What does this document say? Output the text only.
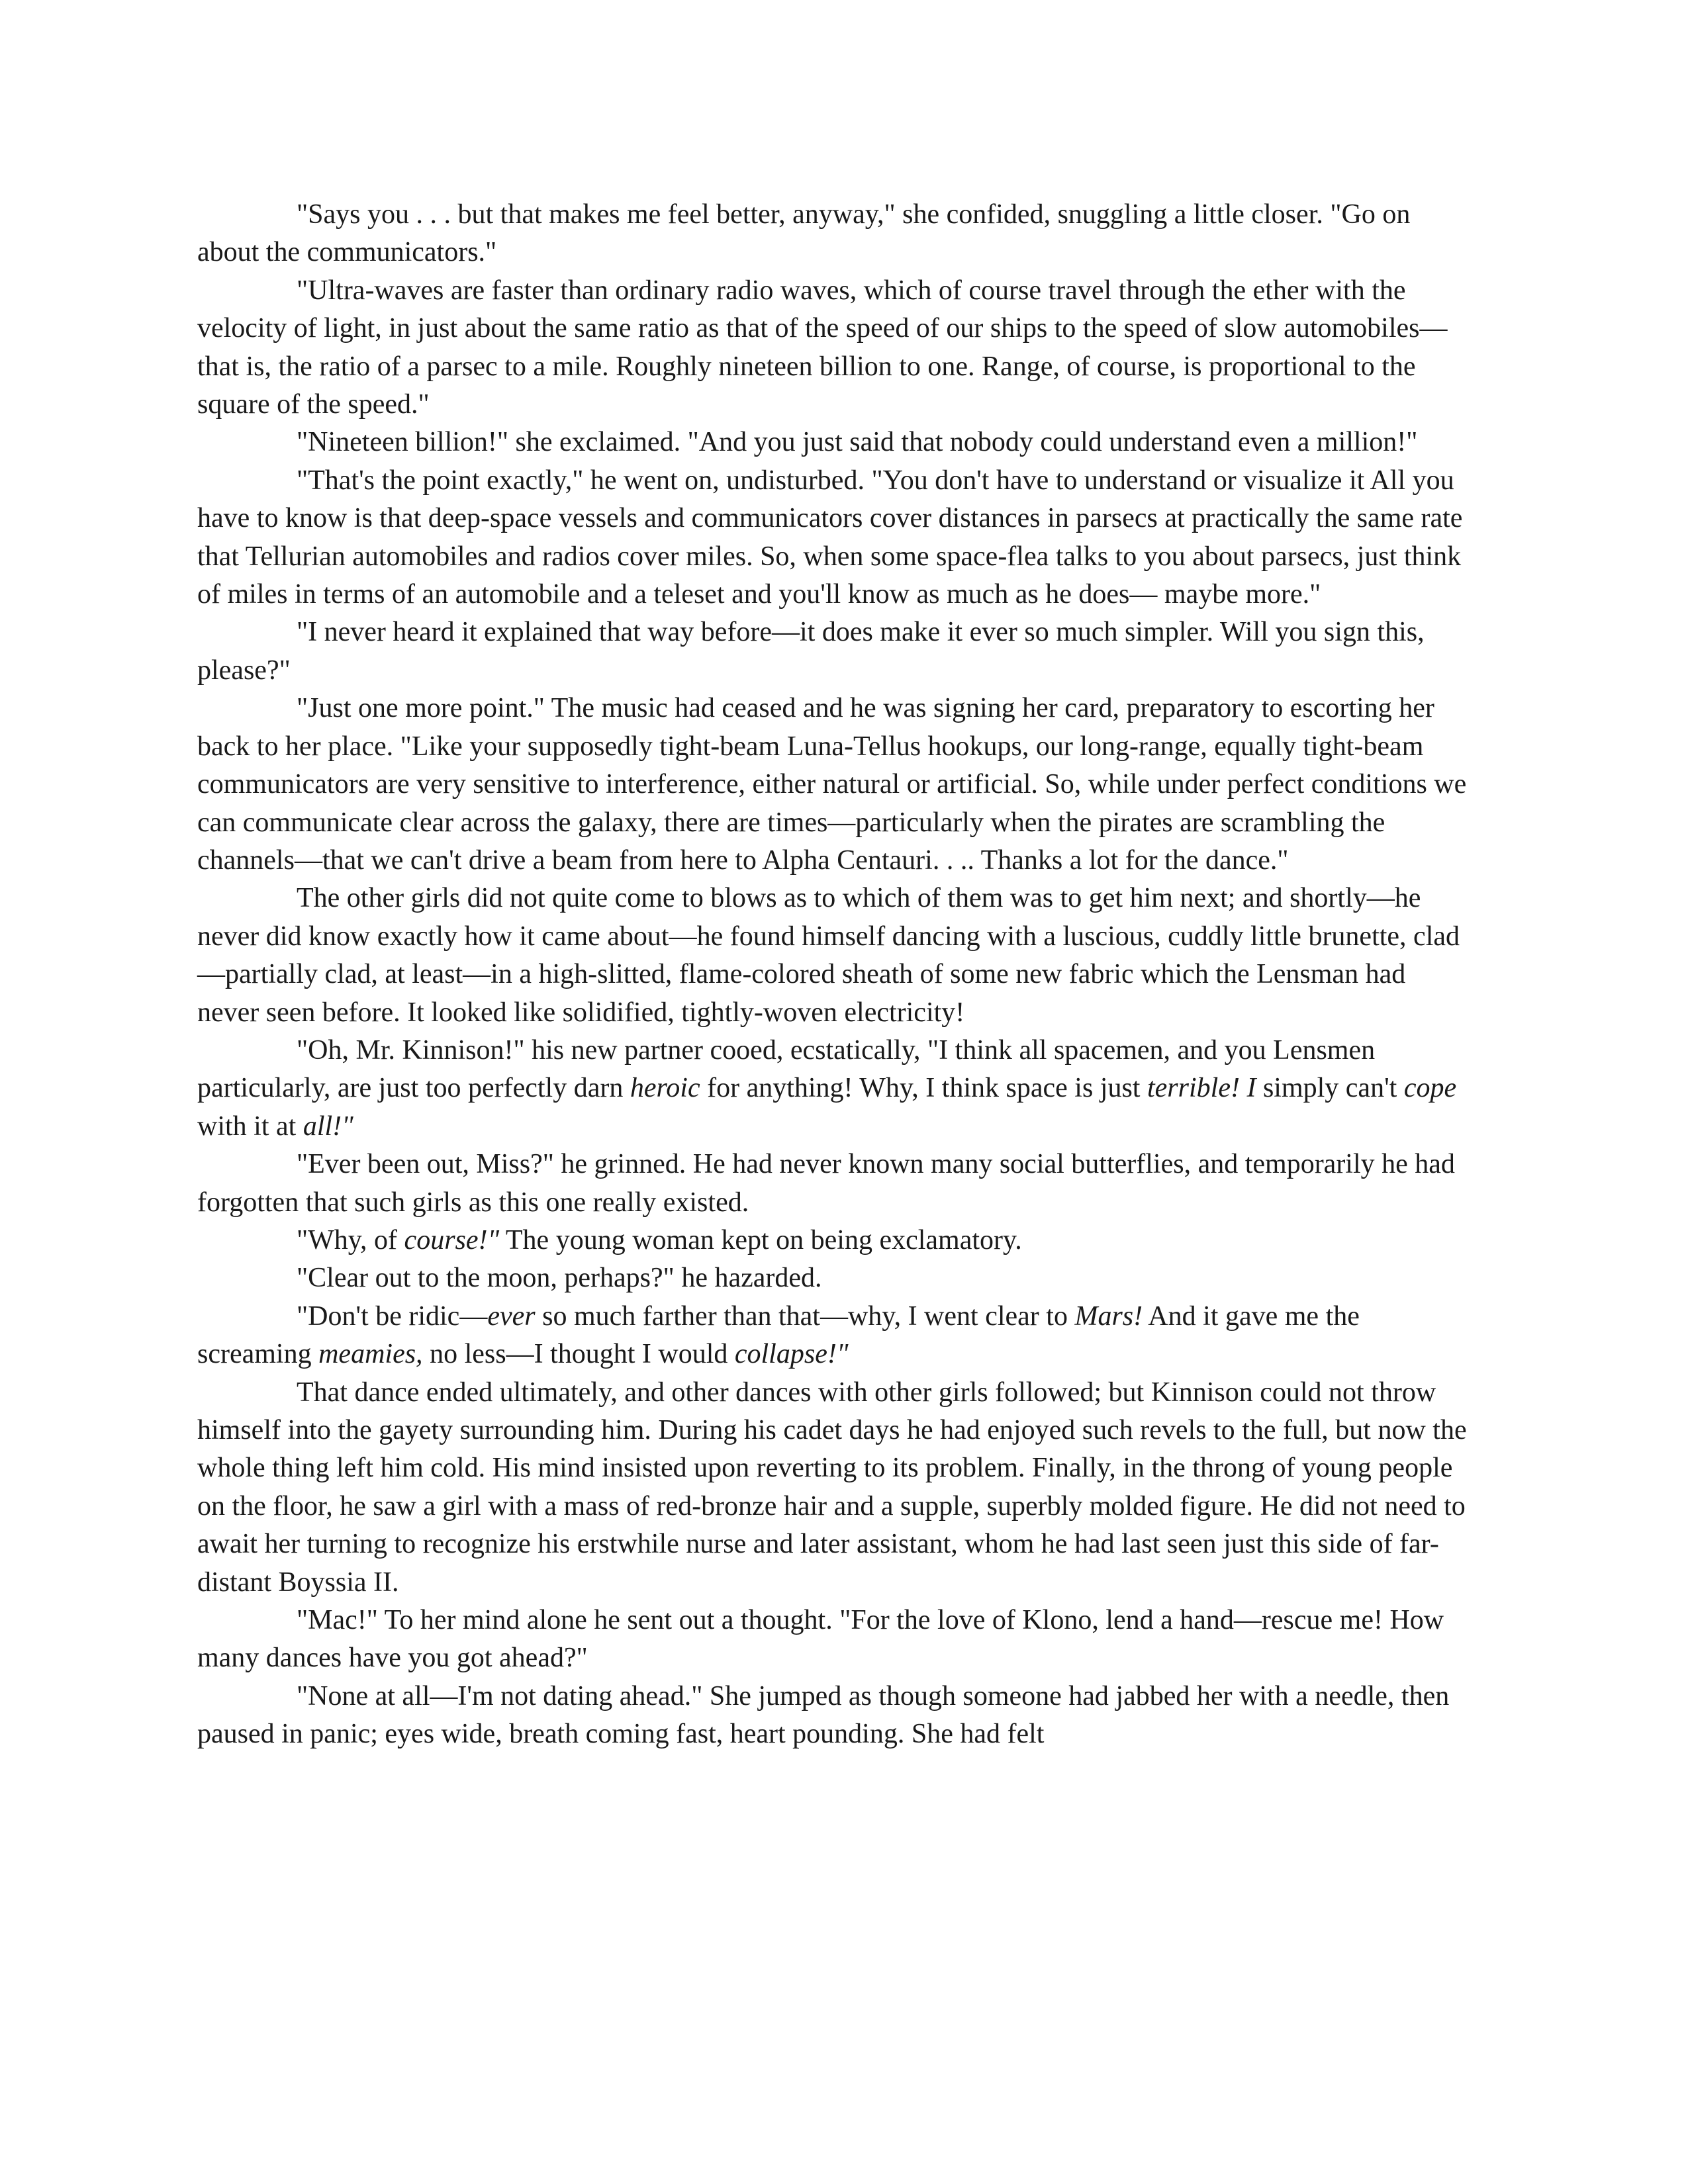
"Says you . . . but that makes me feel better, anyway," she confided, snuggling a little closer. "Go on about the communicators."

"Ultra-waves are faster than ordinary radio waves, which of course travel through the ether with the velocity of light, in just about the same ratio as that of the speed of our ships to the speed of slow automobiles—that is, the ratio of a parsec to a mile. Roughly nineteen billion to one. Range, of course, is proportional to the square of the speed."

"Nineteen billion!" she exclaimed. "And you just said that nobody could understand even a million!"

"That's the point exactly," he went on, undisturbed. "You don't have to understand or visualize it All you have to know is that deep-space vessels and communicators cover distances in parsecs at practically the same rate that Tellurian automobiles and radios cover miles. So, when some space-flea talks to you about parsecs, just think of miles in terms of an automobile and a teleset and you'll know as much as he does— maybe more."

"I never heard it explained that way before—it does make it ever so much simpler. Will you sign this, please?"

"Just one more point." The music had ceased and he was signing her card, preparatory to escorting her back to her place. "Like your supposedly tight-beam Luna-Tellus hookups, our long-range, equally tight-beam communicators are very sensitive to interference, either natural or artificial. So, while under perfect conditions we can communicate clear across the galaxy, there are times—particularly when the pirates are scrambling the channels—that we can't drive a beam from here to Alpha Centauri. . .. Thanks a lot for the dance."

The other girls did not quite come to blows as to which of them was to get him next; and shortly—he never did know exactly how it came about—he found himself dancing with a luscious, cuddly little brunette, clad—partially clad, at least—in a high-slitted, flame-colored sheath of some new fabric which the Lensman had never seen before. It looked like solidified, tightly-woven electricity!

"Oh, Mr. Kinnison!" his new partner cooed, ecstatically, "I think all spacemen, and you Lensmen particularly, are just too perfectly darn heroic for anything! Why, I think space is just terrible! I simply can't cope with it at all!"

"Ever been out, Miss?" he grinned. He had never known many social butterflies, and temporarily he had forgotten that such girls as this one really existed.

"Why, of course!" The young woman kept on being exclamatory.

"Clear out to the moon, perhaps?" he hazarded.

"Don't be ridic—ever so much farther than that—why, I went clear to Mars! And it gave me the screaming meamies, no less—I thought I would collapse!"

That dance ended ultimately, and other dances with other girls followed; but Kinnison could not throw himself into the gayety surrounding him. During his cadet days he had enjoyed such revels to the full, but now the whole thing left him cold. His mind insisted upon reverting to its problem. Finally, in the throng of young people on the floor, he saw a girl with a mass of red-bronze hair and a supple, superbly molded figure. He did not need to await her turning to recognize his erstwhile nurse and later assistant, whom he had last seen just this side of far-distant Boyssia II.

"Mac!" To her mind alone he sent out a thought. "For the love of Klono, lend a hand—rescue me! How many dances have you got ahead?"

"None at all—I'm not dating ahead." She jumped as though someone had jabbed her with a needle, then paused in panic; eyes wide, breath coming fast, heart pounding. She had felt
